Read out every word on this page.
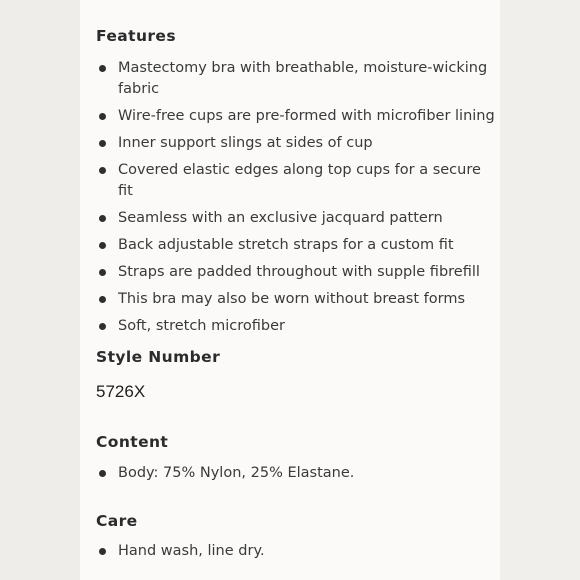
Features
Mastectomy bra with breathable, moisture-wicking fabric
Wire-free cups are pre-formed with microfiber lining
Inner support slings at sides of cup
Covered elastic edges along top cups for a secure fit
Seamless with an exclusive jacquard pattern
Back adjustable stretch straps for a custom fit
Straps are padded throughout with supple fibrefill
This bra may also be worn without breast forms
Soft, stretch microfiber
Style Number

5726X

Content
Body: 75% Nylon, 25% Elastane.
Care
Hand wash, line dry.
